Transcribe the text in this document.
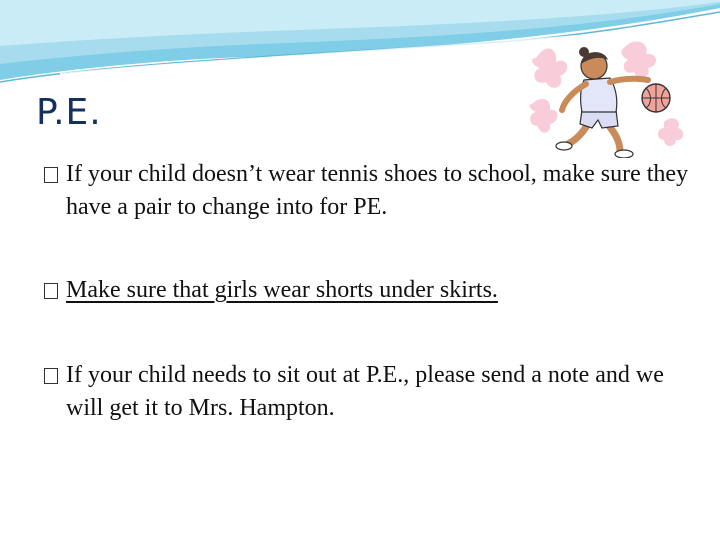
P.E.
If your child doesn’t wear tennis shoes to school, make sure they have a pair to change into for PE.
Make sure that girls wear shorts under skirts.
If your child needs to sit out at P.E., please send a note and we will get it to Mrs. Hampton.
